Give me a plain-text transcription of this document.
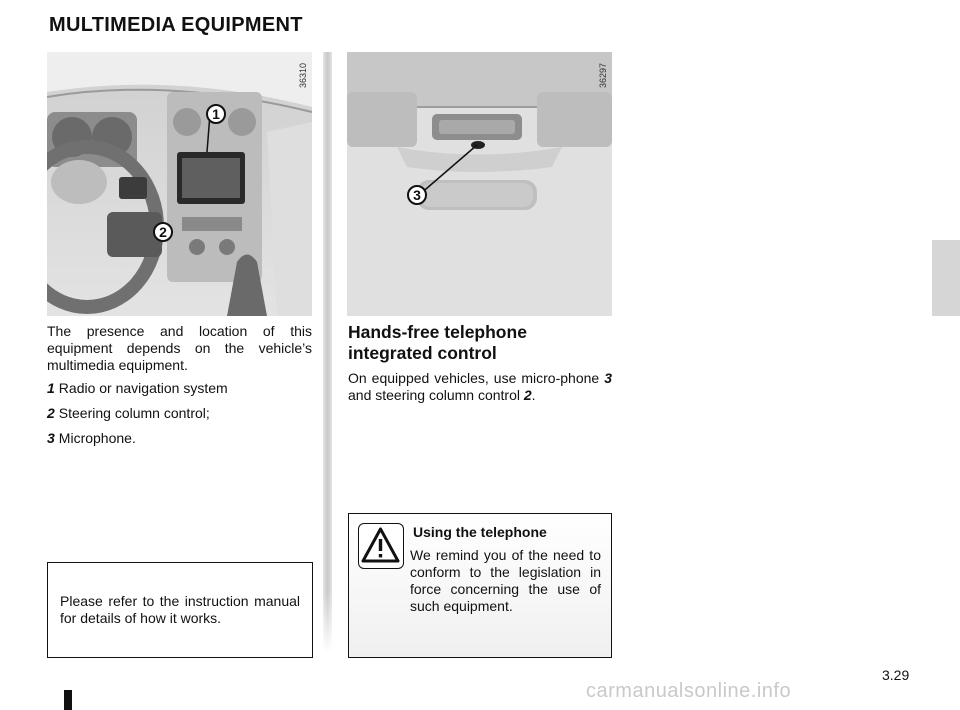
MULTIMEDIA EQUIPMENT
1
2
36310
3
36297
The presence and location of this equipment depends on the vehicle’s multimedia equipment.
1 Radio or navigation system
2 Steering column control;
3 Microphone.
Please refer to the instruction manual for details of how it works.
Hands-free telephone
integrated control
On equipped vehicles, use micro-phone 3 and steering column control 2.
Using the telephone
We remind you of the need to conform to the legislation in force concerning the use of such equipment.
3.29
carmanualsonline.info
